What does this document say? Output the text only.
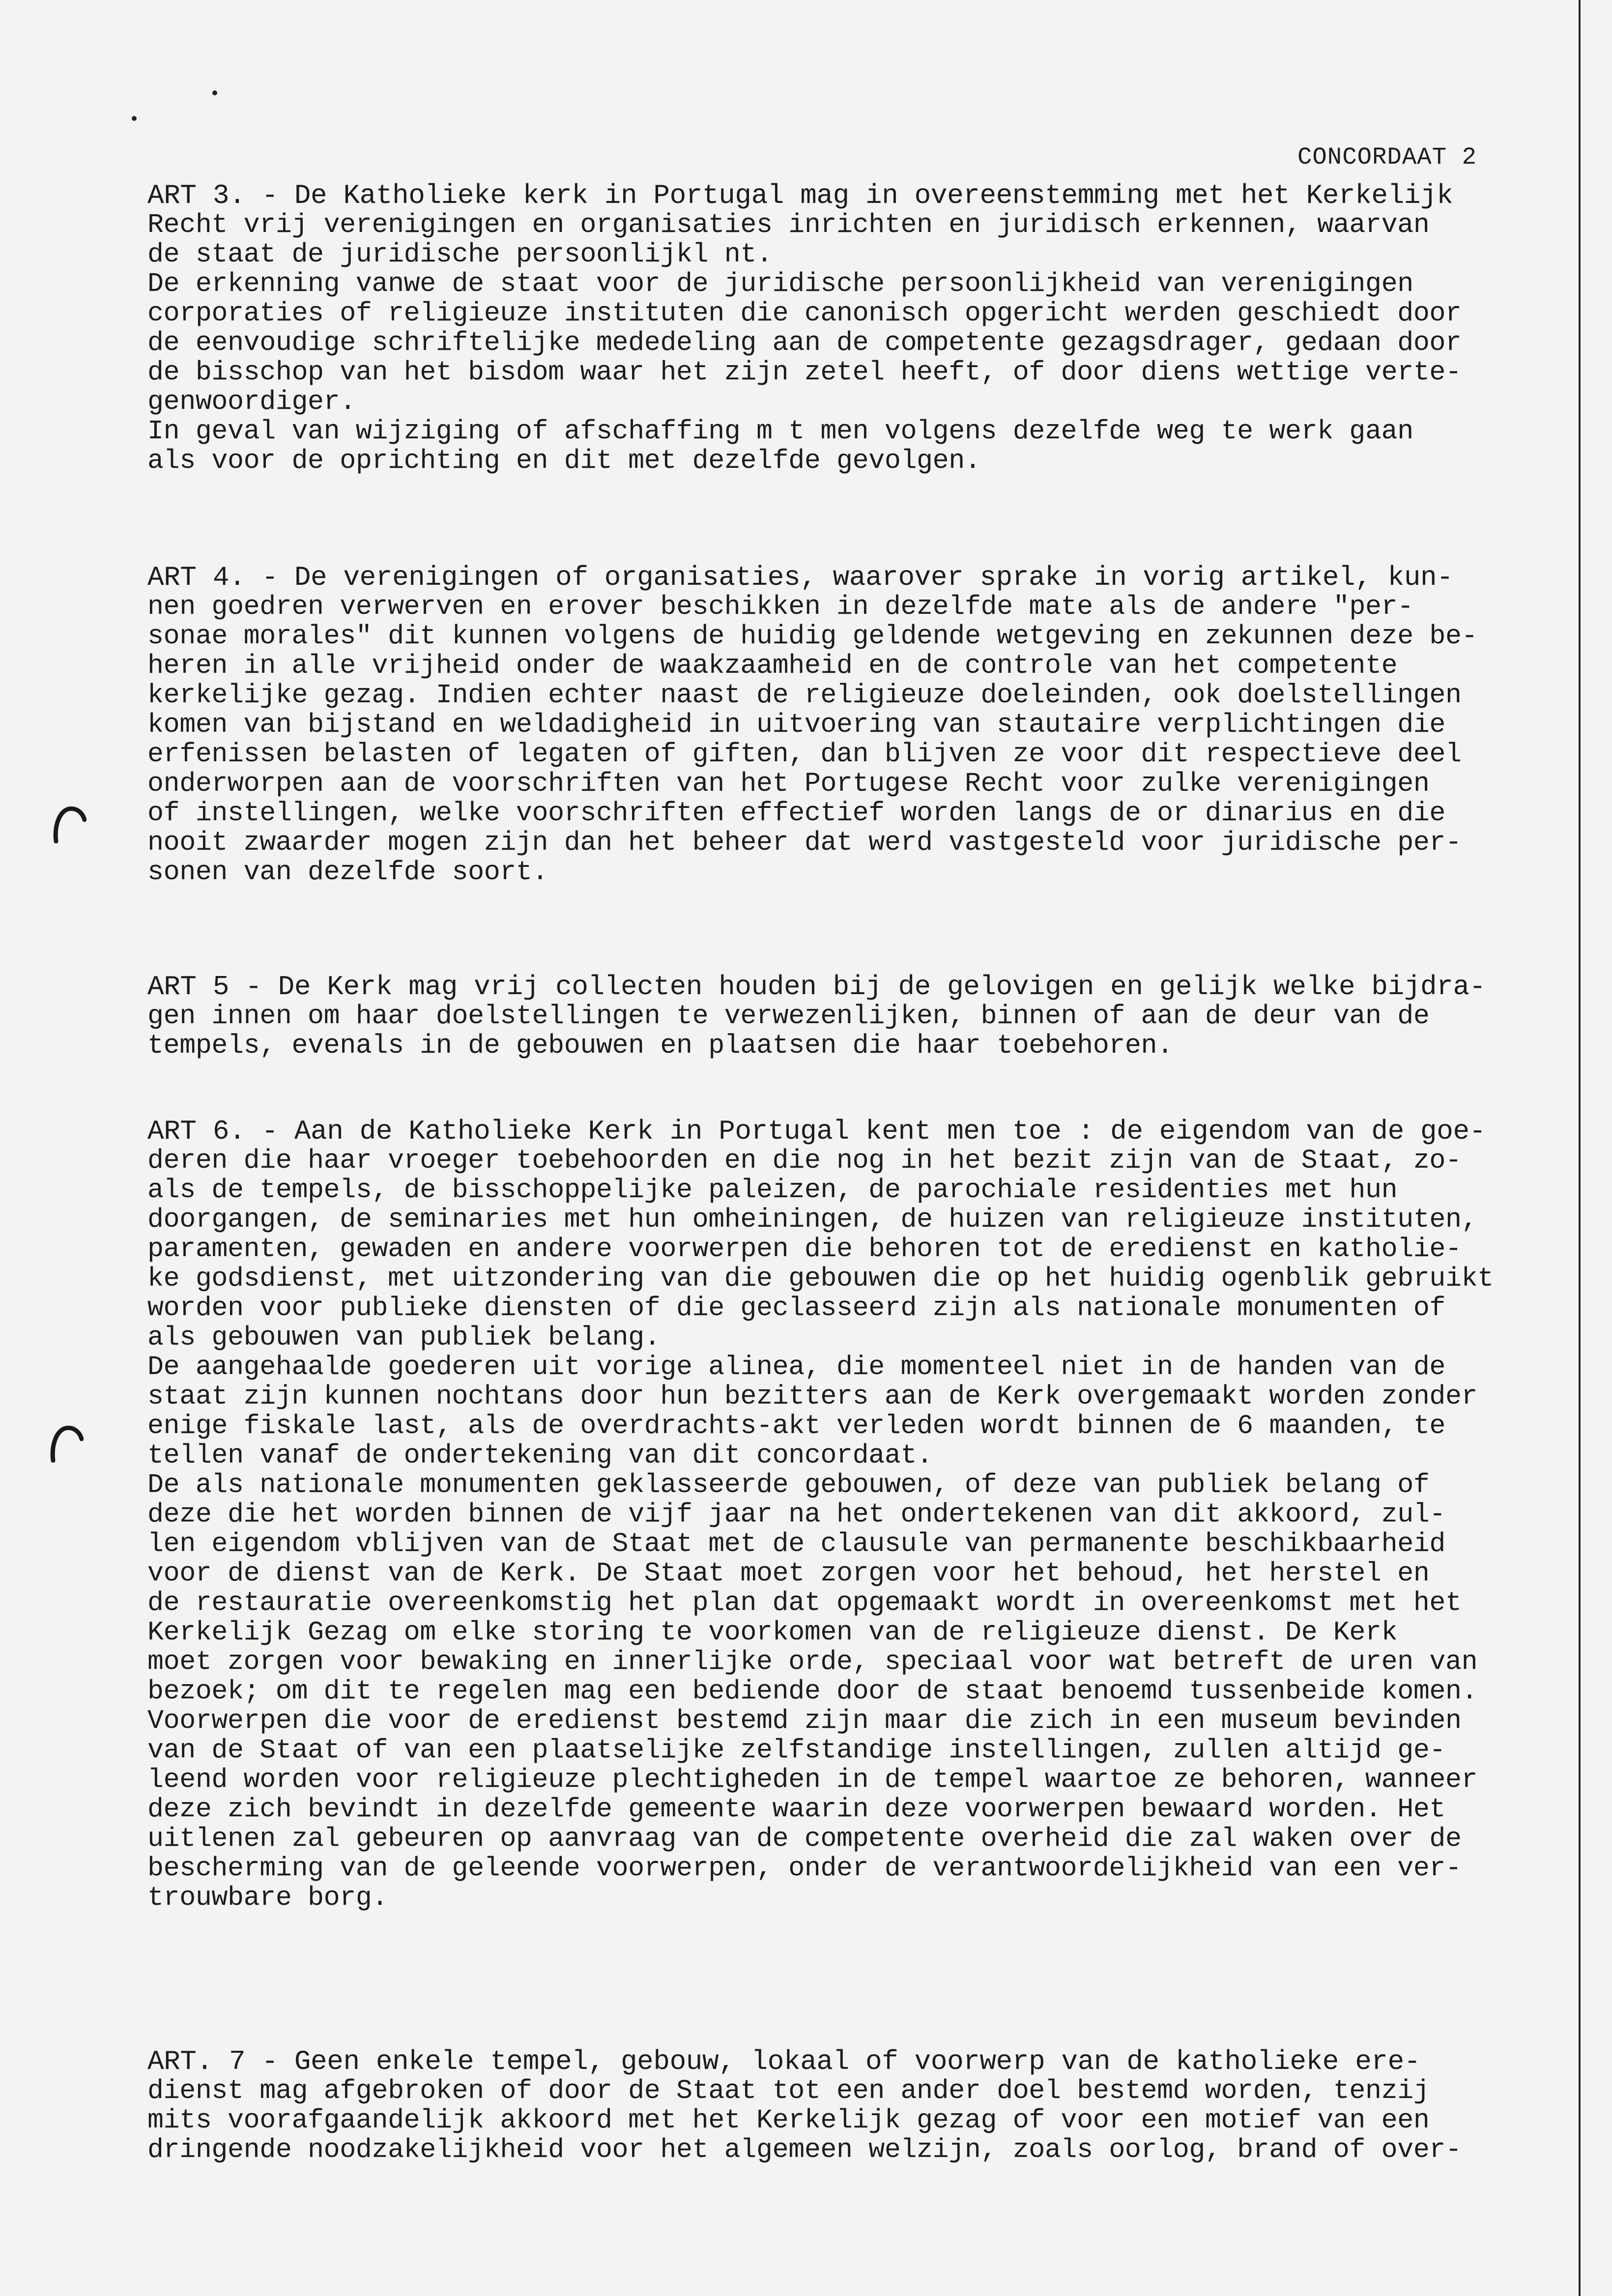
CONCORDAAT 2
ART 3. - De Katholieke kerk in Portugal mag in overeenstemming met het Kerkelijk
Recht vrij verenigingen en organisaties inrichten en juridisch erkennen, waarvan
de staat de juridische persoonlijkl nt.
De erkenning vanwe de staat voor de juridische persoonlijkheid van verenigingen
corporaties of religieuze instituten die canonisch opgericht werden geschiedt door
de eenvoudige schriftelijke mededeling aan de competente gezagsdrager, gedaan door
de bisschop van het bisdom waar het zijn zetel heeft, of door diens wettige verte-
genwoordiger.
In geval van wijziging of afschaffing m t men volgens dezelfde weg te werk gaan
als voor de oprichting en dit met dezelfde gevolgen.
ART 4. - De verenigingen of organisaties, waarover sprake in vorig artikel, kun-
nen goedren verwerven en erover beschikken in dezelfde mate als de andere "per-
sonae morales" dit kunnen volgens de huidig geldende wetgeving en zekunnen deze be-
heren in alle vrijheid onder de waakzaamheid en de controle van het competente
kerkelijke gezag. Indien echter naast de religieuze doeleinden, ook doelstellingen
komen van bijstand en weldadigheid in uitvoering van stautaire verplichtingen die
erfenissen belasten of legaten of giften, dan blijven ze voor dit respectieve deel
onderworpen aan de voorschriften van het Portugese Recht voor zulke verenigingen
of instellingen, welke voorschriften effectief worden langs de or dinarius en die
nooit zwaarder mogen zijn dan het beheer dat werd vastgesteld voor juridische per-
sonen van dezelfde soort.
ART 5 - De Kerk mag vrij collecten houden bij de gelovigen en gelijk welke bijdra-
gen innen om haar doelstellingen te verwezenlijken, binnen of aan de deur van de
tempels, evenals in de gebouwen en plaatsen die haar toebehoren.
ART 6. - Aan de Katholieke Kerk in Portugal kent men toe : de eigendom van de goe-
deren die haar vroeger toebehoorden en die nog in het bezit zijn van de Staat, zo-
als de tempels, de bisschoppelijke paleizen, de parochiale residenties met hun
doorgangen, de seminaries met hun omheiningen, de huizen van religieuze instituten,
paramenten, gewaden en andere voorwerpen die behoren tot de eredienst en katholie-
ke godsdienst, met uitzondering van die gebouwen die op het huidig ogenblik gebruikt
worden voor publieke diensten of die geclasseerd zijn als nationale monumenten of
als gebouwen van publiek belang.
De aangehaalde goederen uit vorige alinea, die momenteel niet in de handen van de
staat zijn kunnen nochtans door hun bezitters aan de Kerk overgemaakt worden zonder
enige fiskale last, als de overdrachts-akt verleden wordt binnen de 6 maanden, te
tellen vanaf de ondertekening van dit concordaat.
De als nationale monumenten geklasseerde gebouwen, of deze van publiek belang of
deze die het worden binnen de vijf jaar na het ondertekenen van dit akkoord, zul-
len eigendom vblijven van de Staat met de clausule van permanente beschikbaarheid
voor de dienst van de Kerk. De Staat moet zorgen voor het behoud, het herstel en
de restauratie overeenkomstig het plan dat opgemaakt wordt in overeenkomst met het
Kerkelijk Gezag om elke storing te voorkomen van de religieuze dienst. De Kerk
moet zorgen voor bewaking en innerlijke orde, speciaal voor wat betreft de uren van
bezoek; om dit te regelen mag een bediende door de staat benoemd tussenbeide komen.
Voorwerpen die voor de eredienst bestemd zijn maar die zich in een museum bevinden
van de Staat of van een plaatselijke zelfstandige instellingen, zullen altijd ge-
leend worden voor religieuze plechtigheden in de tempel waartoe ze behoren, wanneer
deze zich bevindt in dezelfde gemeente waarin deze voorwerpen bewaard worden. Het
uitlenen zal gebeuren op aanvraag van de competente overheid die zal waken over de
bescherming van de geleende voorwerpen, onder de verantwoordelijkheid van een ver-
trouwbare borg.
ART. 7 - Geen enkele tempel, gebouw, lokaal of voorwerp van de katholieke ere-
dienst mag afgebroken of door de Staat tot een ander doel bestemd worden, tenzij
mits voorafgaandelijk akkoord met het Kerkelijk gezag of voor een motief van een
dringende noodzakelijkheid voor het algemeen welzijn, zoals oorlog, brand of over-
